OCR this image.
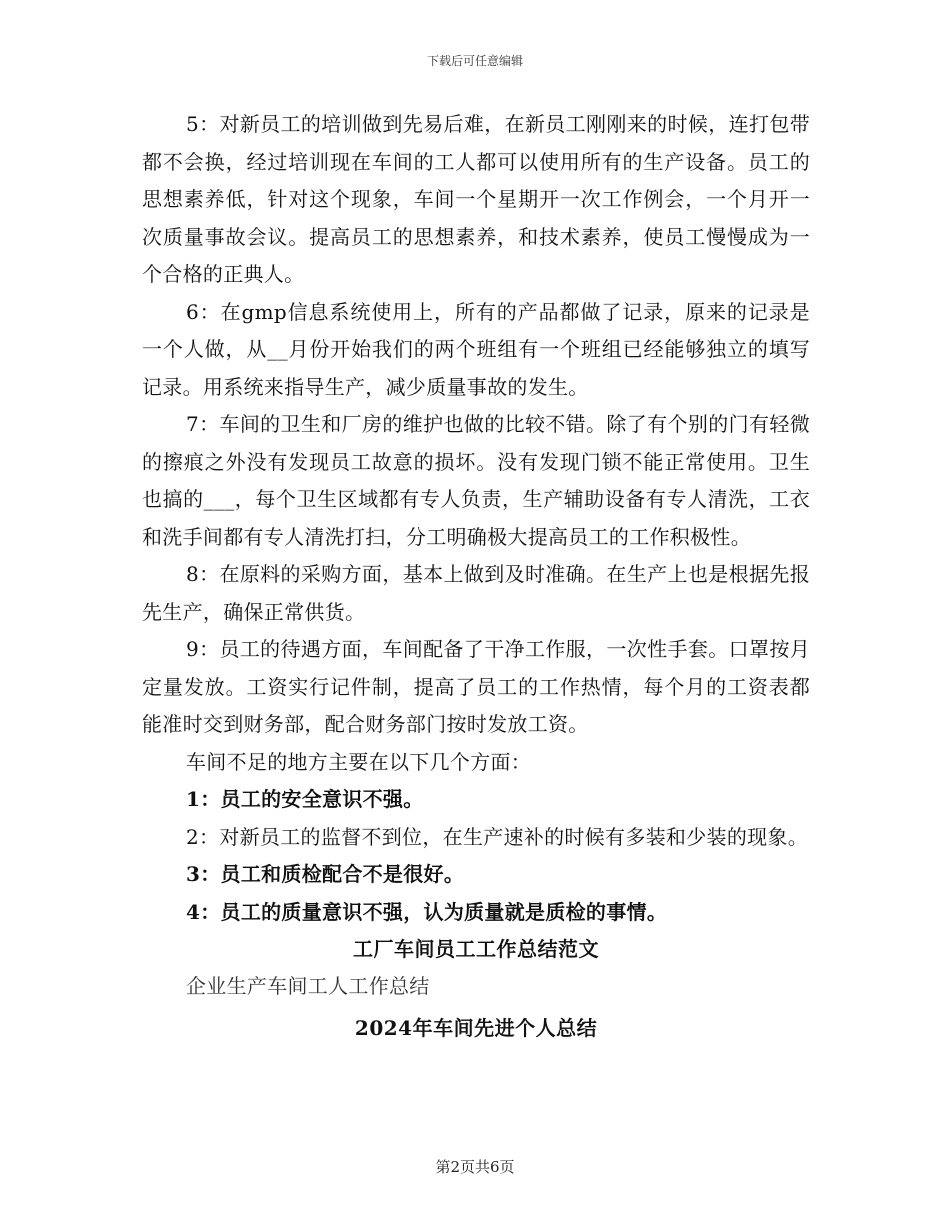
下载后可任意编辑

5：对新员工的培训做到先易后难，在新员工刚刚来的时候，连打包带都不会换，经过培训现在车间的工人都可以使用所有的生产设备。员工的思想素养低，针对这个现象，车间一个星期开一次工作例会，一个月开一次质量事故会议。提高员工的思想素养，和技术素养，使员工慢慢成为一个合格的正典人。

6：在gmp信息系统使用上，所有的产品都做了记录，原来的记录是一个人做，从__月份开始我们的两个班组有一个班组已经能够独立的填写记录。用系统来指导生产，减少质量事故的发生。

7：车间的卫生和厂房的维护也做的比较不错。除了有个别的门有轻微的擦痕之外没有发现员工故意的损坏。没有发现门锁不能正常使用。卫生也搞的___，每个卫生区域都有专人负责，生产辅助设备有专人清洗，工衣和洗手间都有专人清洗打扫，分工明确极大提高员工的工作积极性。

8：在原料的采购方面，基本上做到及时准确。在生产上也是根据先报先生产，确保正常供货。

9：员工的待遇方面，车间配备了干净工作服，一次性手套。口罩按月定量发放。工资实行记件制，提高了员工的工作热情，每个月的工资表都能准时交到财务部，配合财务部门按时发放工资。

车间不足的地方主要在以下几个方面：

1：员工的安全意识不强。

2：对新员工的监督不到位，在生产速补的时候有多装和少装的现象。

3：员工和质检配合不是很好。

4：员工的质量意识不强，认为质量就是质检的事情。

工厂车间员工工作总结范文

企业生产车间工人工作总结

2024年车间先进个人总结

第2页共6页
